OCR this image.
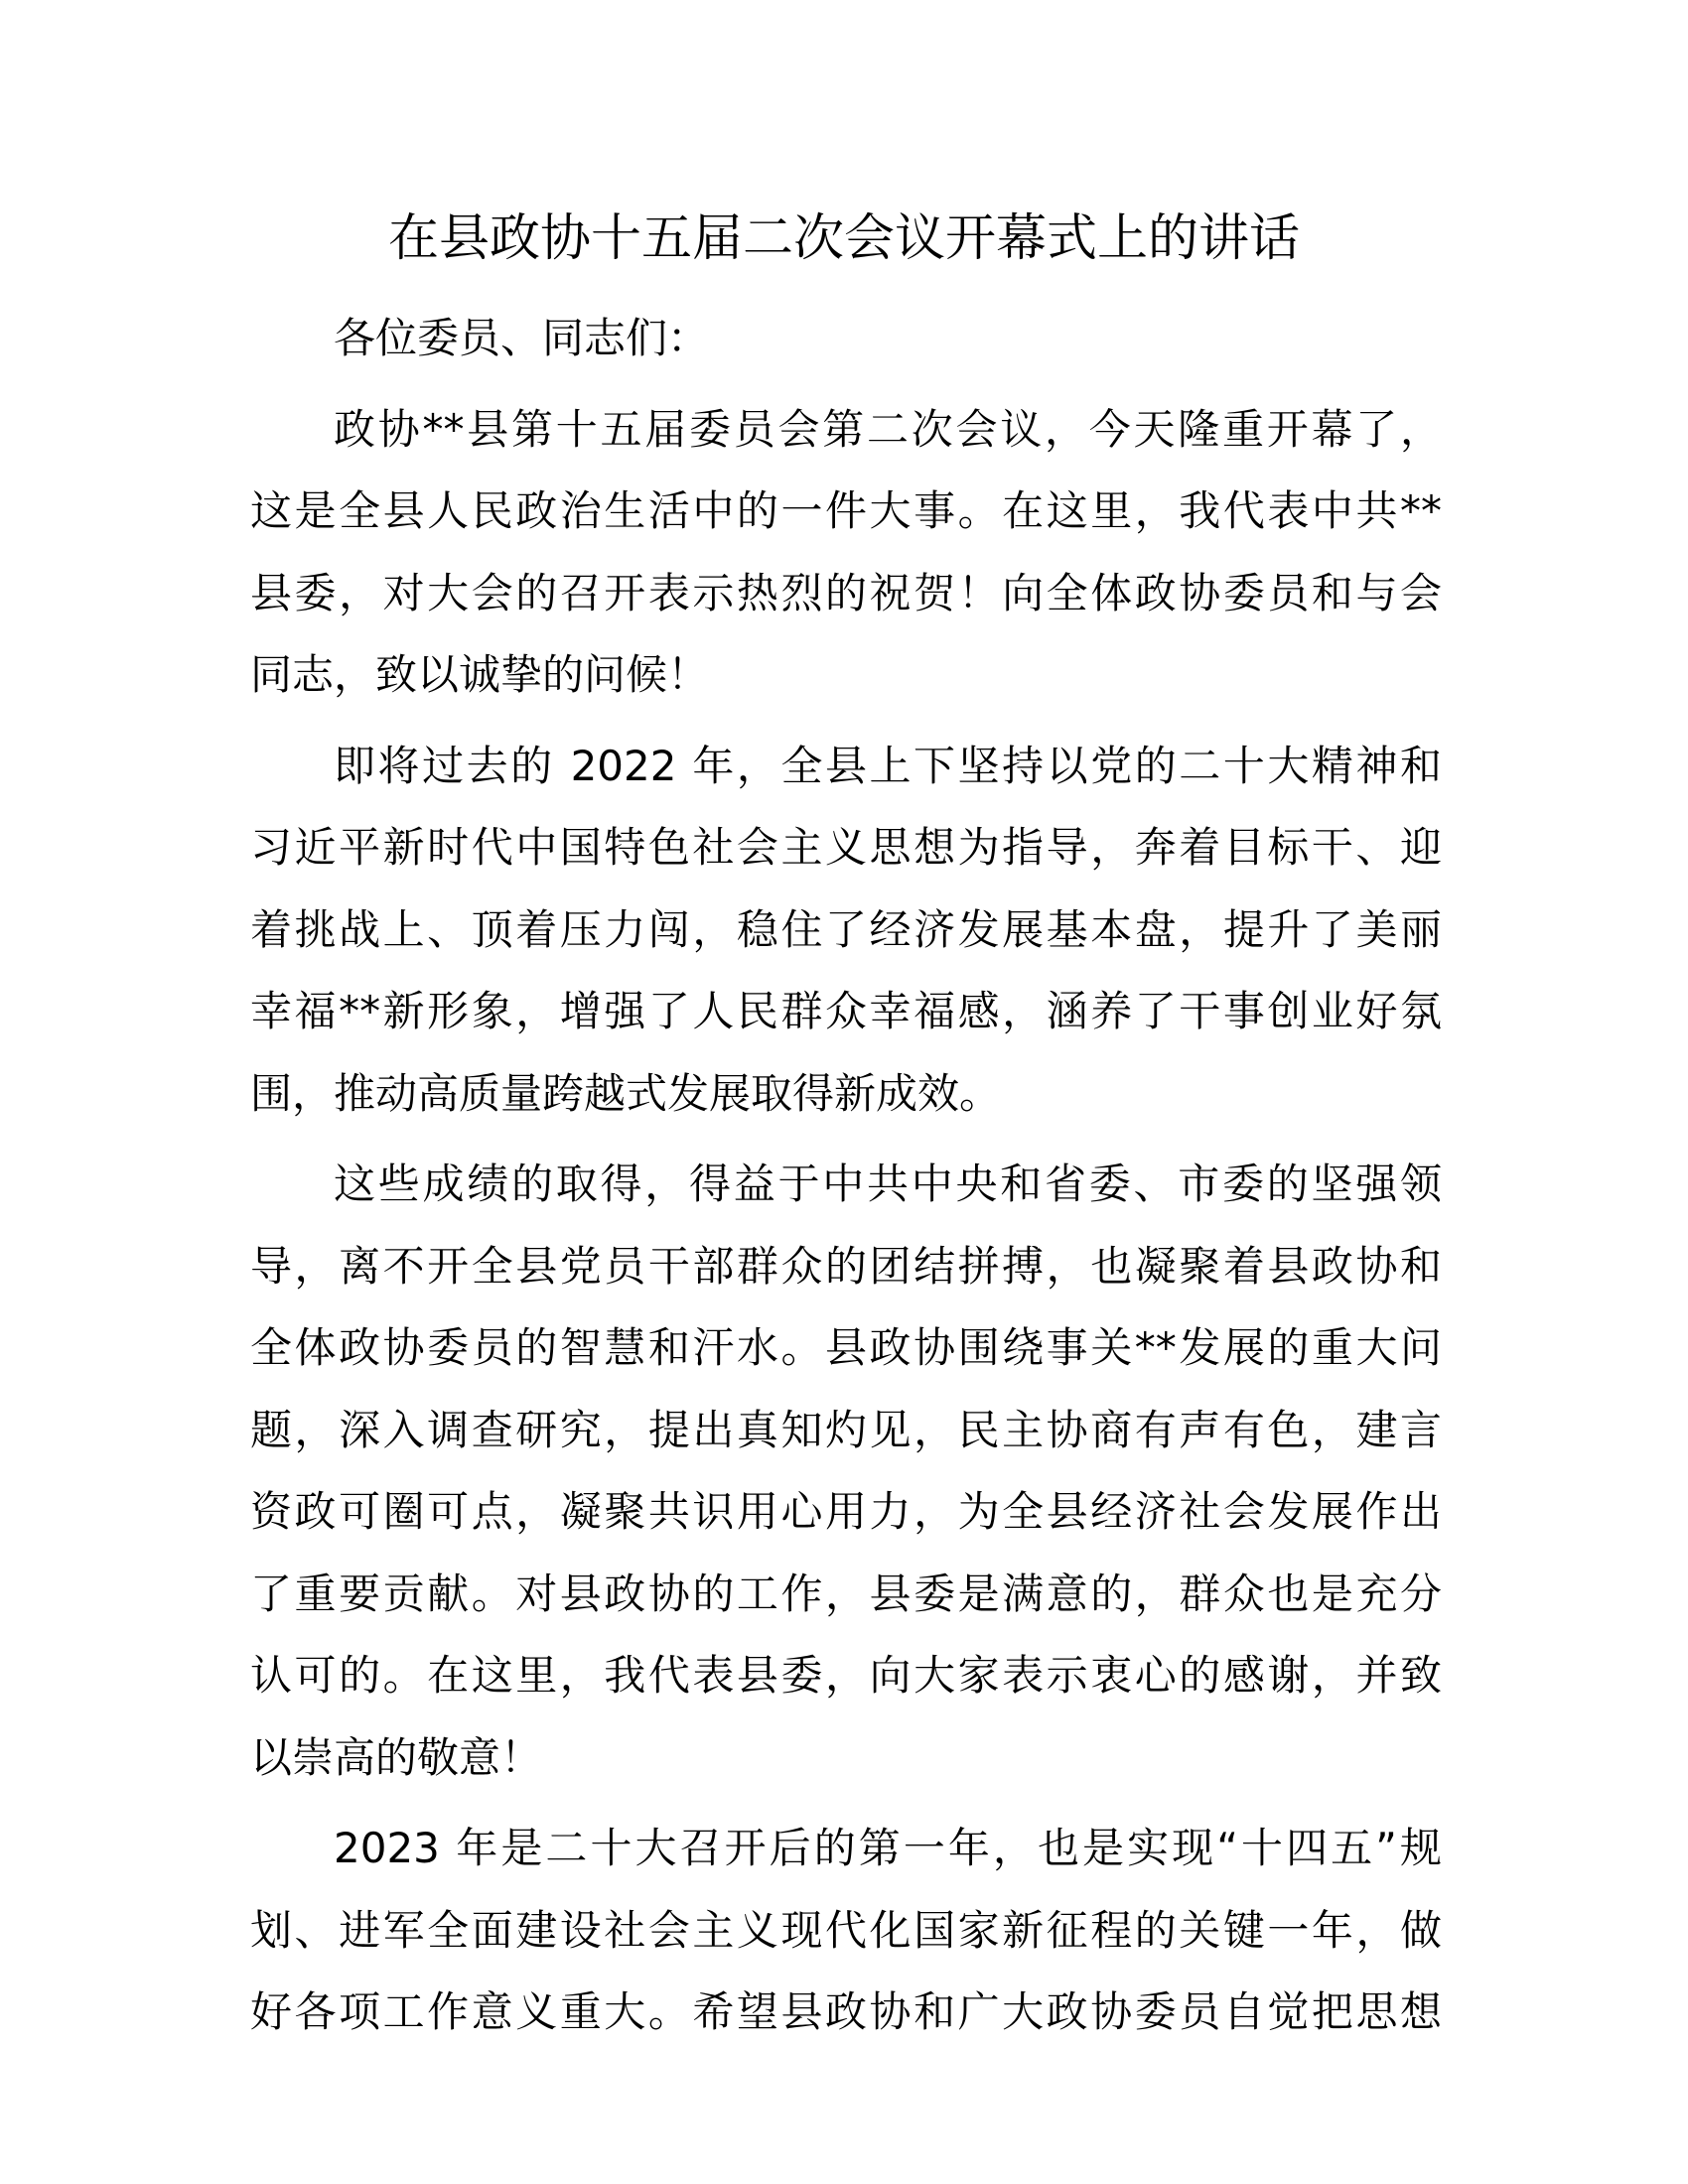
在县政协十五届二次会议开幕式上的讲话

各位委员、同志们：

政协**县第十五届委员会第二次会议，今天隆重开幕了，
这是全县人民政治生活中的一件大事。在这里，我代表中共**
县委，对大会的召开表示热烈的祝贺！向全体政协委员和与会
同志，致以诚挚的问候！

即将过去的 2022 年，全县上下坚持以党的二十大精神和
习近平新时代中国特色社会主义思想为指导，奔着目标干、迎
着挑战上、顶着压力闯，稳住了经济发展基本盘，提升了美丽
幸福**新形象，增强了人民群众幸福感，涵养了干事创业好氛
围，推动高质量跨越式发展取得新成效。

这些成绩的取得，得益于中共中央和省委、市委的坚强领
导，离不开全县党员干部群众的团结拼搏，也凝聚着县政协和
全体政协委员的智慧和汗水。县政协围绕事关**发展的重大问
题，深入调查研究，提出真知灼见，民主协商有声有色，建言
资政可圈可点，凝聚共识用心用力，为全县经济社会发展作出
了重要贡献。对县政协的工作，县委是满意的，群众也是充分
认可的。在这里，我代表县委，向大家表示衷心的感谢，并致
以崇高的敬意！

2023 年是二十大召开后的第一年，也是实现“十四五”规
划、进军全面建设社会主义现代化国家新征程的关键一年，做
好各项工作意义重大。希望县政协和广大政协委员自觉把思想
